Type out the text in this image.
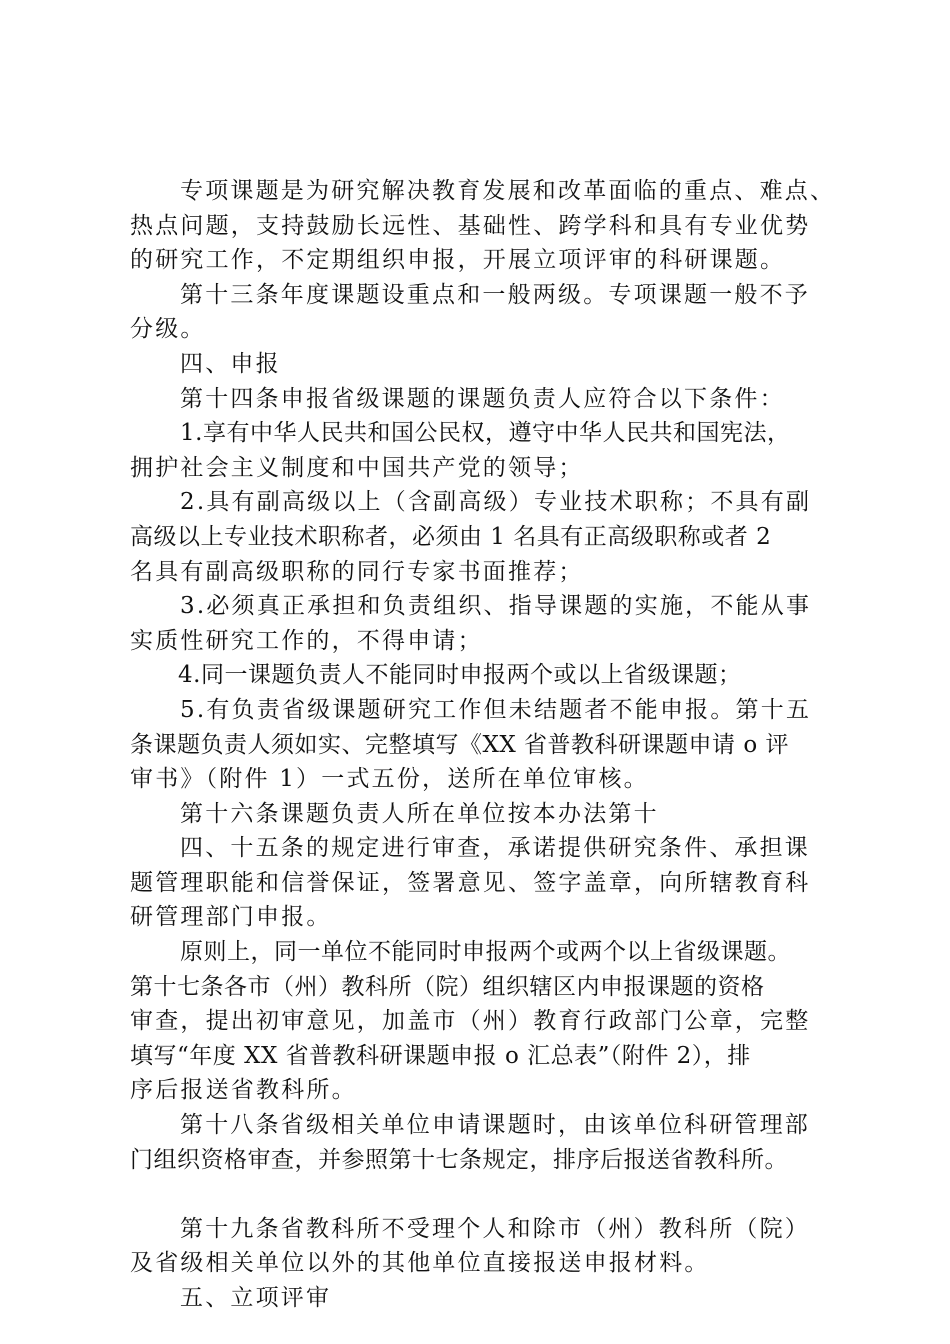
专项课题是为研究解决教育发展和改革面临的重点、难点、
热点问题，支持鼓励长远性、基础性、跨学科和具有专业优势
的研究工作，不定期组织申报，开展立项评审的科研课题。
第十三条年度课题设重点和一般两级。专项课题一般不予
分级。
四、申报
第十四条申报省级课题的课题负责人应符合以下条件：
1.享有中华人民共和国公民权，遵守中华人民共和国宪法，
拥护社会主义制度和中国共产党的领导；
2.具有副高级以上（含副高级）专业技术职称；不具有副
高级以上专业技术职称者，必须由 1 名具有正高级职称或者 2
名具有副高级职称的同行专家书面推荐；
3.必须真正承担和负责组织、指导课题的实施，不能从事
实质性研究工作的，不得申请；
4.同一课题负责人不能同时申报两个或以上省级课题；
5.有负责省级课题研究工作但未结题者不能申报。第十五
条课题负责人须如实、完整填写《XX 省普教科研课题申请 o 评
审书》（附件 1）一式五份，送所在单位审核。
第十六条课题负责人所在单位按本办法第十
四、十五条的规定进行审查，承诺提供研究条件、承担课
题管理职能和信誉保证，签署意见、签字盖章，向所辖教育科
研管理部门申报。
原则上，同一单位不能同时申报两个或两个以上省级课题。
第十七条各市（州）教科所（院）组织辖区内申报课题的资格
审查，提出初审意见，加盖市（州）教育行政部门公章，完整
填写“年度 XX 省普教科研课题申报 o 汇总表”（附件 2），排
序后报送省教科所。
第十八条省级相关单位申请课题时，由该单位科研管理部
门组织资格审查，并参照第十七条规定，排序后报送省教科所。
第十九条省教科所不受理个人和除市（州）教科所（院）
及省级相关单位以外的其他单位直接报送申报材料。
五、立项评审
